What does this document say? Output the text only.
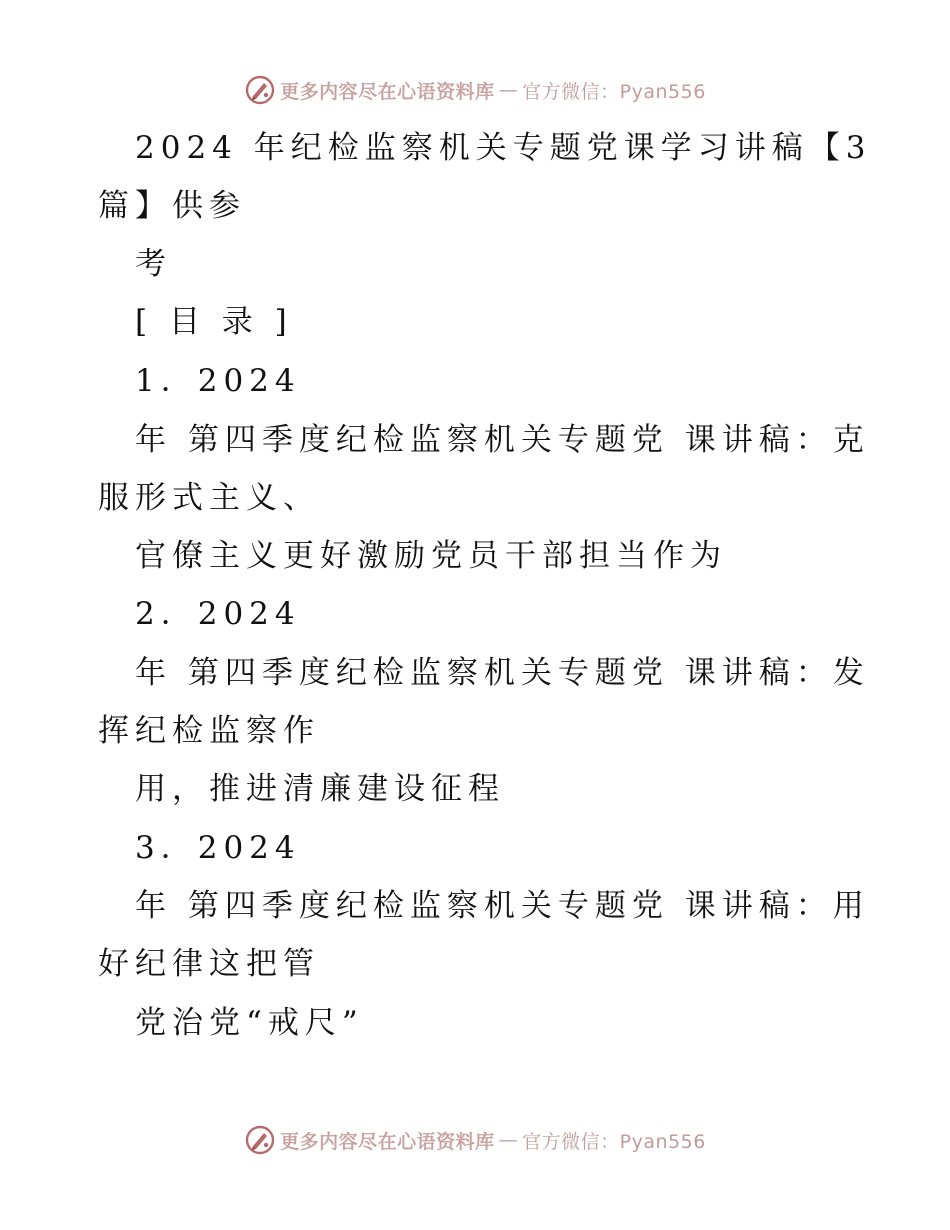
更多内容尽在心语资料库 — 官方微信：Pyan556
2024 年纪检监察机关专题党课学习讲稿【3
篇】供参
考
[ 目 录 ]
1．2024
年 第四季度纪检监察机关专题党 课讲稿： 克
服形式主义、
官僚主义更好激励党员干部担当作为
2．2024
年 第四季度纪检监察机关专题党 课讲稿： 发
挥纪检监察作
用，推进清廉建设征程
3．2024
年 第四季度纪检监察机关专题党 课讲稿： 用
好纪律这把管
党治党“戒尺”
更多内容尽在心语资料库 — 官方微信：Pyan556
